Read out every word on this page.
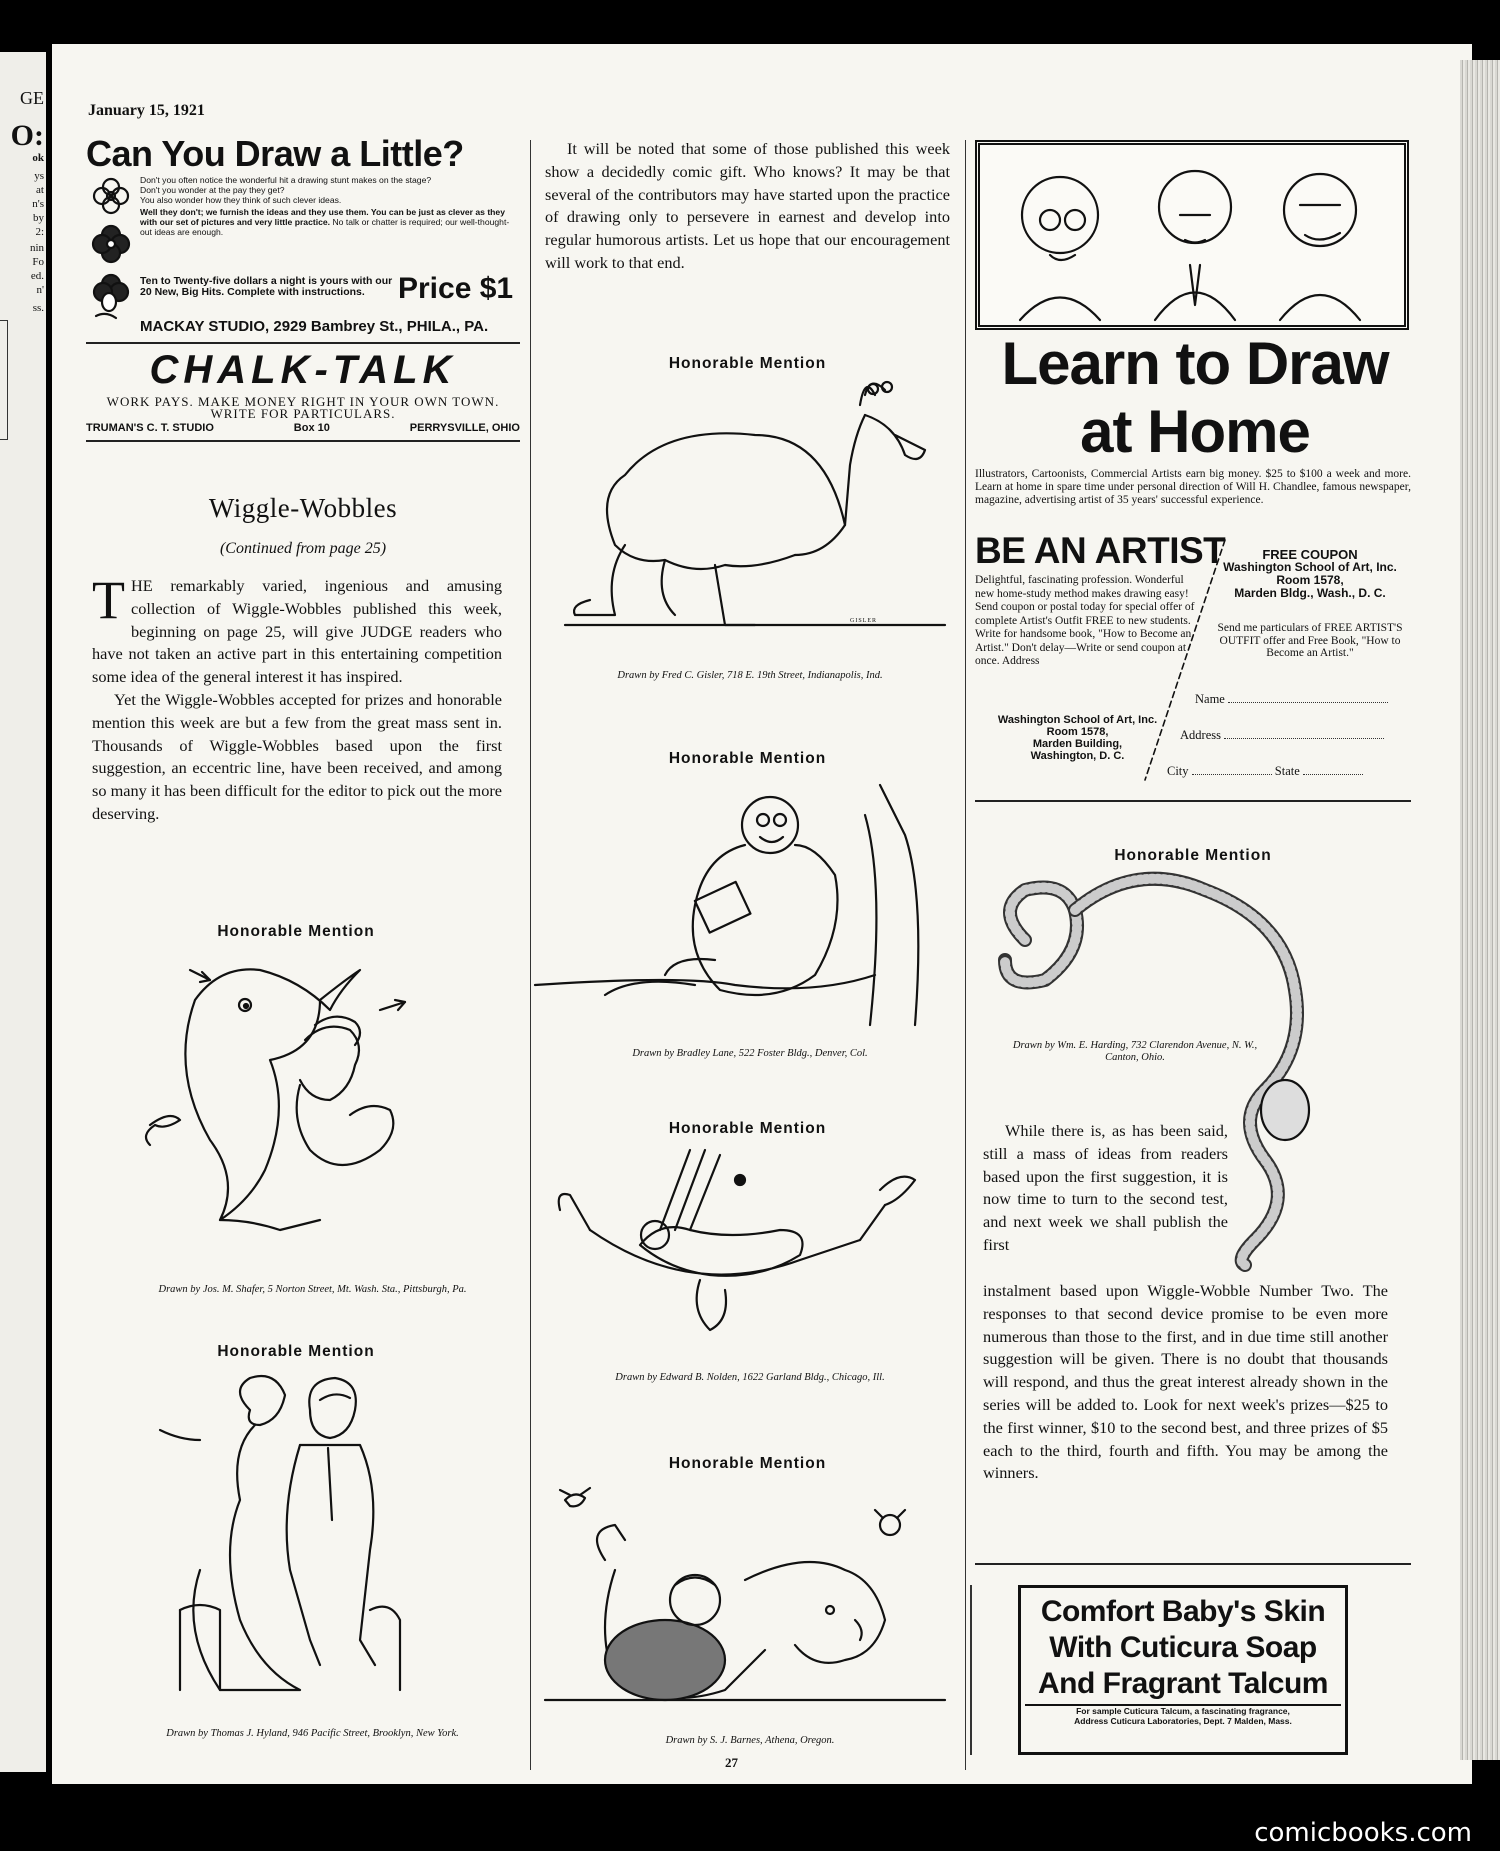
GE
O:
ok
ys
at
n's
by
2:
nin
Fo
ed.
n'
ss.
January 15, 1921
Can You Draw a Little?
Don't you often notice the wonderful hit a drawing stunt makes on the stage?
Don't you wonder at the pay they get?
You also wonder how they think of such clever ideas.
Well they don't; we furnish the ideas and they use them. You can be just as clever as they with our set of pictures and very little practice. No talk or chatter is required; our well-thought-out ideas are enough.
Ten to Twenty-five dollars a night is yours with our 20 New, Big Hits. Complete with instructions.	Price $1
MACKAY STUDIO, 2929 Bambrey St., PHILA., PA.
CHALK-TALK
WORK PAYS. MAKE MONEY RIGHT IN YOUR OWN TOWN. WRITE FOR PARTICULARS.
TRUMAN'S C. T. STUDIO	Box 10	PERRYSVILLE, OHIO
Wiggle-Wobbles
(Continued from page 25)
T HE remarkably varied, ingenious and amusing collection of Wiggle-Wobbles published this week, beginning on page 25, will give JUDGE readers who have not taken an active part in this entertaining competition some idea of the general interest it has inspired.

Yet the Wiggle-Wobbles accepted for prizes and honorable mention this week are but a few from the great mass sent in. Thousands of Wiggle-Wobbles based upon the first suggestion, an eccentric line, have been received, and among so many it has been difficult for the editor to pick out the more deserving.

Honorable Mention
Drawn by Jos. M. Shafer, 5 Norton Street, Mt. Wash. Sta., Pittsburgh, Pa.
Honorable Mention
Drawn by Thomas J. Hyland, 946 Pacific Street, Brooklyn, New York.
It will be noted that some of those published this week show a decidedly comic gift. Who knows? It may be that several of the contributors may have started upon the practice of drawing only to persevere in earnest and develop into regular humorous artists. Let us hope that our encouragement will work to that end.
Honorable Mention
GISLER
Drawn by Fred C. Gisler, 718 E. 19th Street, Indianapolis, Ind.
Honorable Mention
Drawn by Bradley Lane, 522 Foster Bldg., Denver, Col.
Honorable Mention
Drawn by Edward B. Nolden, 1622 Garland Bldg., Chicago, Ill.
Honorable Mention
Drawn by S. J. Barnes, Athena, Oregon.
Learn to Draw
at Home
Illustrators, Cartoonists, Commercial Artists earn big money. $25 to $100 a week and more. Learn at home in spare time under personal direction of Will H. Chandlee, famous newspaper, magazine, advertising artist of 35 years' successful experience.
BE AN ARTIST
Delightful, fascinating profession. Wonderful new home-study method makes drawing easy! Send coupon or postal today for special offer of complete Artist's Outfit FREE to new students. Write for handsome book, "How to Become an Artist." Don't delay—Write or send coupon at once. Address
Washington School of Art, Inc.
Room 1578,
Marden Building,
Washington, D. C.
FREE COUPON
Washington School of Art, Inc.
Room 1578,
Marden Bldg., Wash., D. C.
Send me particulars of FREE ARTIST'S OUTFIT offer and Free Book, "How to Become an Artist."
Name
Address
City	State
Honorable Mention
Drawn by Wm. E. Harding, 732 Clarendon Avenue, N. W., Canton, Ohio.
While there is, as has been said, still a mass of ideas from readers based upon the first suggestion, it is now time to turn to the second test, and next week we shall publish the first
instalment based upon Wiggle-Wobble Number Two. The responses to that second device promise to be even more numerous than those to the first, and in due time still another suggestion will be given. There is no doubt that thousands will respond, and thus the great interest already shown in the series will be added to. Look for next week's prizes—$25 to the first winner, $10 to the second best, and three prizes of $5 each to the third, fourth and fifth. You may be among the winners.
Comfort Baby's Skin
With Cuticura Soap
And Fragrant Talcum
For sample Cuticura Talcum, a fascinating fragrance,
Address Cuticura Laboratories, Dept. 7 Malden, Mass.
27
comicbooks.com
